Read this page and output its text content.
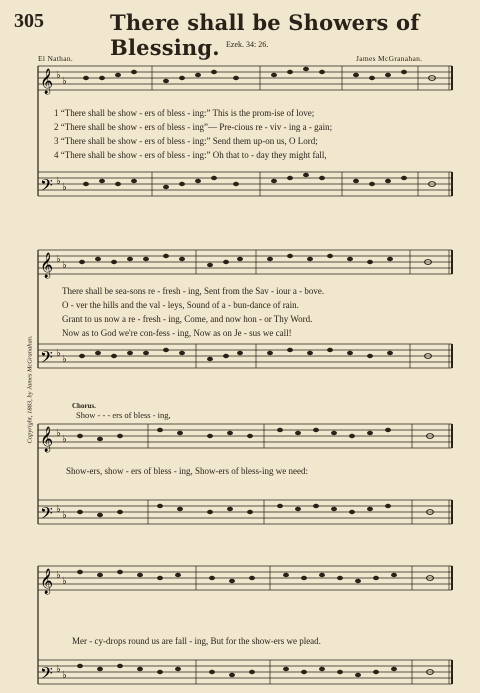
305	There shall be Showers of Blessing. Ezek. 34: 26.
El Nathan.	James McGranahan.
Copyright, 1883, by James McGranahan.
𝄞
𝄢
♭
♭
♭
♭
1 “There shall be show - ers of bless - ing:” This is the prom-ise of love;
2 “There shall be show - ers of bless - ing”— Pre-cious re - viv - ing a - gain;
3 “There shall be show - ers of bless - ing:” Send them up-on us, O Lord;
4 “There shall be show - ers of bless - ing:” Oh that to - day they might fall,
𝄞
𝄢
♭
♭
♭
♭
There shall be sea-sons re - fresh - ing, Sent from the Sav - iour a - bove.
O - ver the hills and the val - leys, Sound of a - bun-dance of rain.
Grant to us now a re - fresh - ing, Come, and now hon - or Thy Word.
Now as to God we're con-fess - ing, Now as on Je - sus we call!
Chorus.
Show - - - ers of bless - ing,
𝄞
𝄢
♭
♭
♭
♭
Show-ers, show - ers of bless - ing, Show-ers of bless-ing we need:
𝄞
𝄢
♭
♭
♭
♭
Mer - cy-drops round us are fall - ing, But for the show-ers we plead.
